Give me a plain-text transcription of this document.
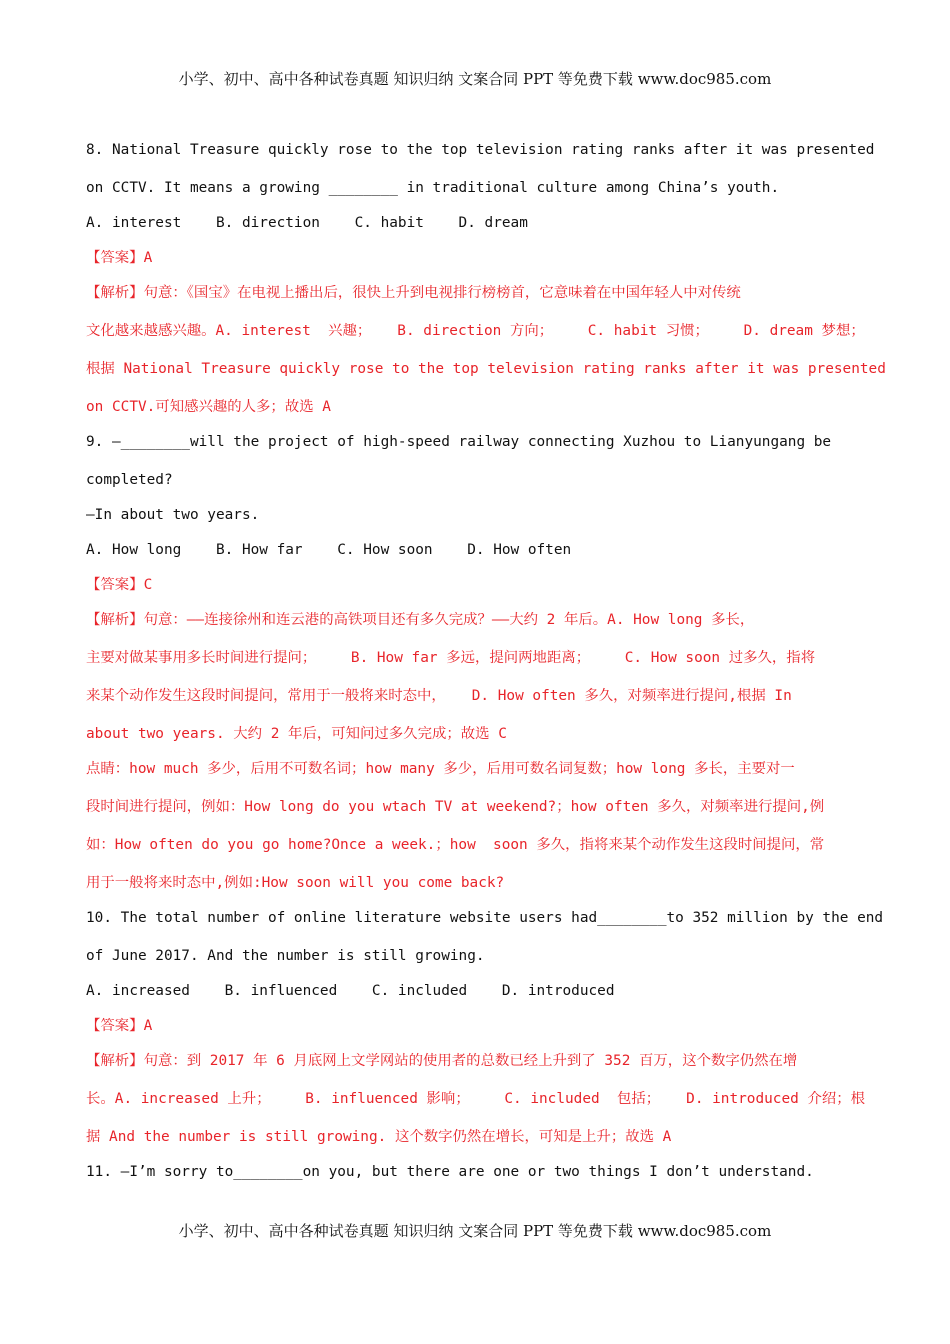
小学、初中、高中各种试卷真题 知识归纳 文案合同 PPT 等免费下载 www.doc985.com

8. National Treasure quickly rose to the top television rating ranks after it was presented

on CCTV. It means a growing ________ in traditional culture among China’s youth.

A. interest    B. direction    C. habit    D. dream

【答案】A

【解析】句意：《国宝》在电视上播出后，很快上升到电视排行榜榜首，它意味着在中国年轻人中对传统

文化越来越感兴趣。A. interest  兴趣；   B. direction 方向；    C. habit 习惯；    D. dream 梦想；

根据 National Treasure quickly rose to the top television rating ranks after it was presented

on CCTV.可知感兴趣的人多；故选 A

9. —________will the project of high-speed railway connecting Xuzhou to Lianyungang be

completed?

—In about two years.

A. How long    B. How far    C. How soon    D. How often

【答案】C

【解析】句意：——连接徐州和连云港的高铁项目还有多久完成？——大约 2 年后。A. How long 多长，

主要对做某事用多长时间进行提问；    B. How far 多远，提问两地距离；    C. How soon 过多久，指将

来某个动作发生这段时间提问，常用于一般将来时态中，   D. How often 多久，对频率进行提问,根据 In

about two years. 大约 2 年后，可知问过多久完成；故选 C

点睛：how much 多少，后用不可数名词；how many 多少，后用可数名词复数；how long 多长，主要对一

段时间进行提问，例如：How long do you wtach TV at weekend?；how often 多久，对频率进行提问,例

如：How often do you go home?Once a week.；how  soon 多久，指将来某个动作发生这段时间提问，常

用于一般将来时态中,例如:How soon will you come back?

10. The total number of online literature website users had________to 352 million by the end

of June 2017. And the number is still growing.

A. increased    B. influenced    C. included    D. introduced

【答案】A

【解析】句意：到 2017 年 6 月底网上文学网站的使用者的总数已经上升到了 352 百万，这个数字仍然在增

长。A. increased 上升；    B. influenced 影响；    C. included  包括；   D. introduced 介绍；根

据 And the number is still growing. 这个数字仍然在增长，可知是上升；故选 A

11. —I’m sorry to________on you, but there are one or two things I don’t understand.

小学、初中、高中各种试卷真题 知识归纳 文案合同 PPT 等免费下载 www.doc985.com
